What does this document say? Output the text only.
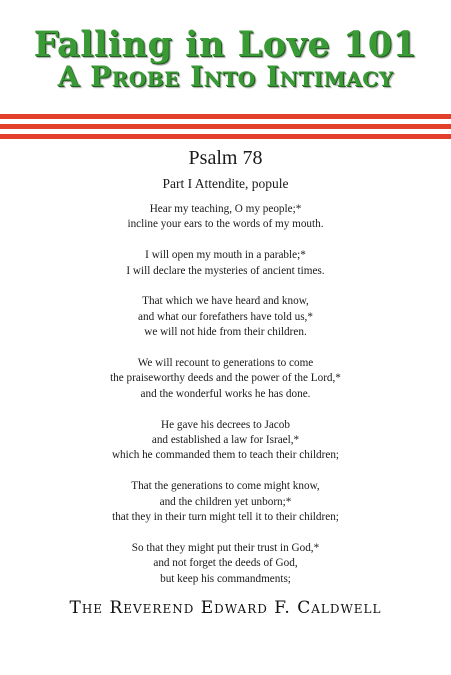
Falling in Love 101
A Probe Into Intimacy
Psalm 78
Part I Attendite, popule
Hear my teaching, O my people;*
incline your ears to the words of my mouth.
I will open my mouth in a parable;*
I will declare the mysteries of ancient times.
That which we have heard and know,
and what our forefathers have told us,*
we will not hide from their children.
We will recount to generations to come
the praiseworthy deeds and the power of the Lord,*
and the wonderful works he has done.
He gave his decrees to Jacob
and established a law for Israel,*
which he commanded them to teach their children;
That the generations to come might know,
and the children yet unborn;*
that they in their turn might tell it to their children;
So that they might put their trust in God,*
and not forget the deeds of God,
but keep his commandments;
The Reverend Edward F. Caldwell
